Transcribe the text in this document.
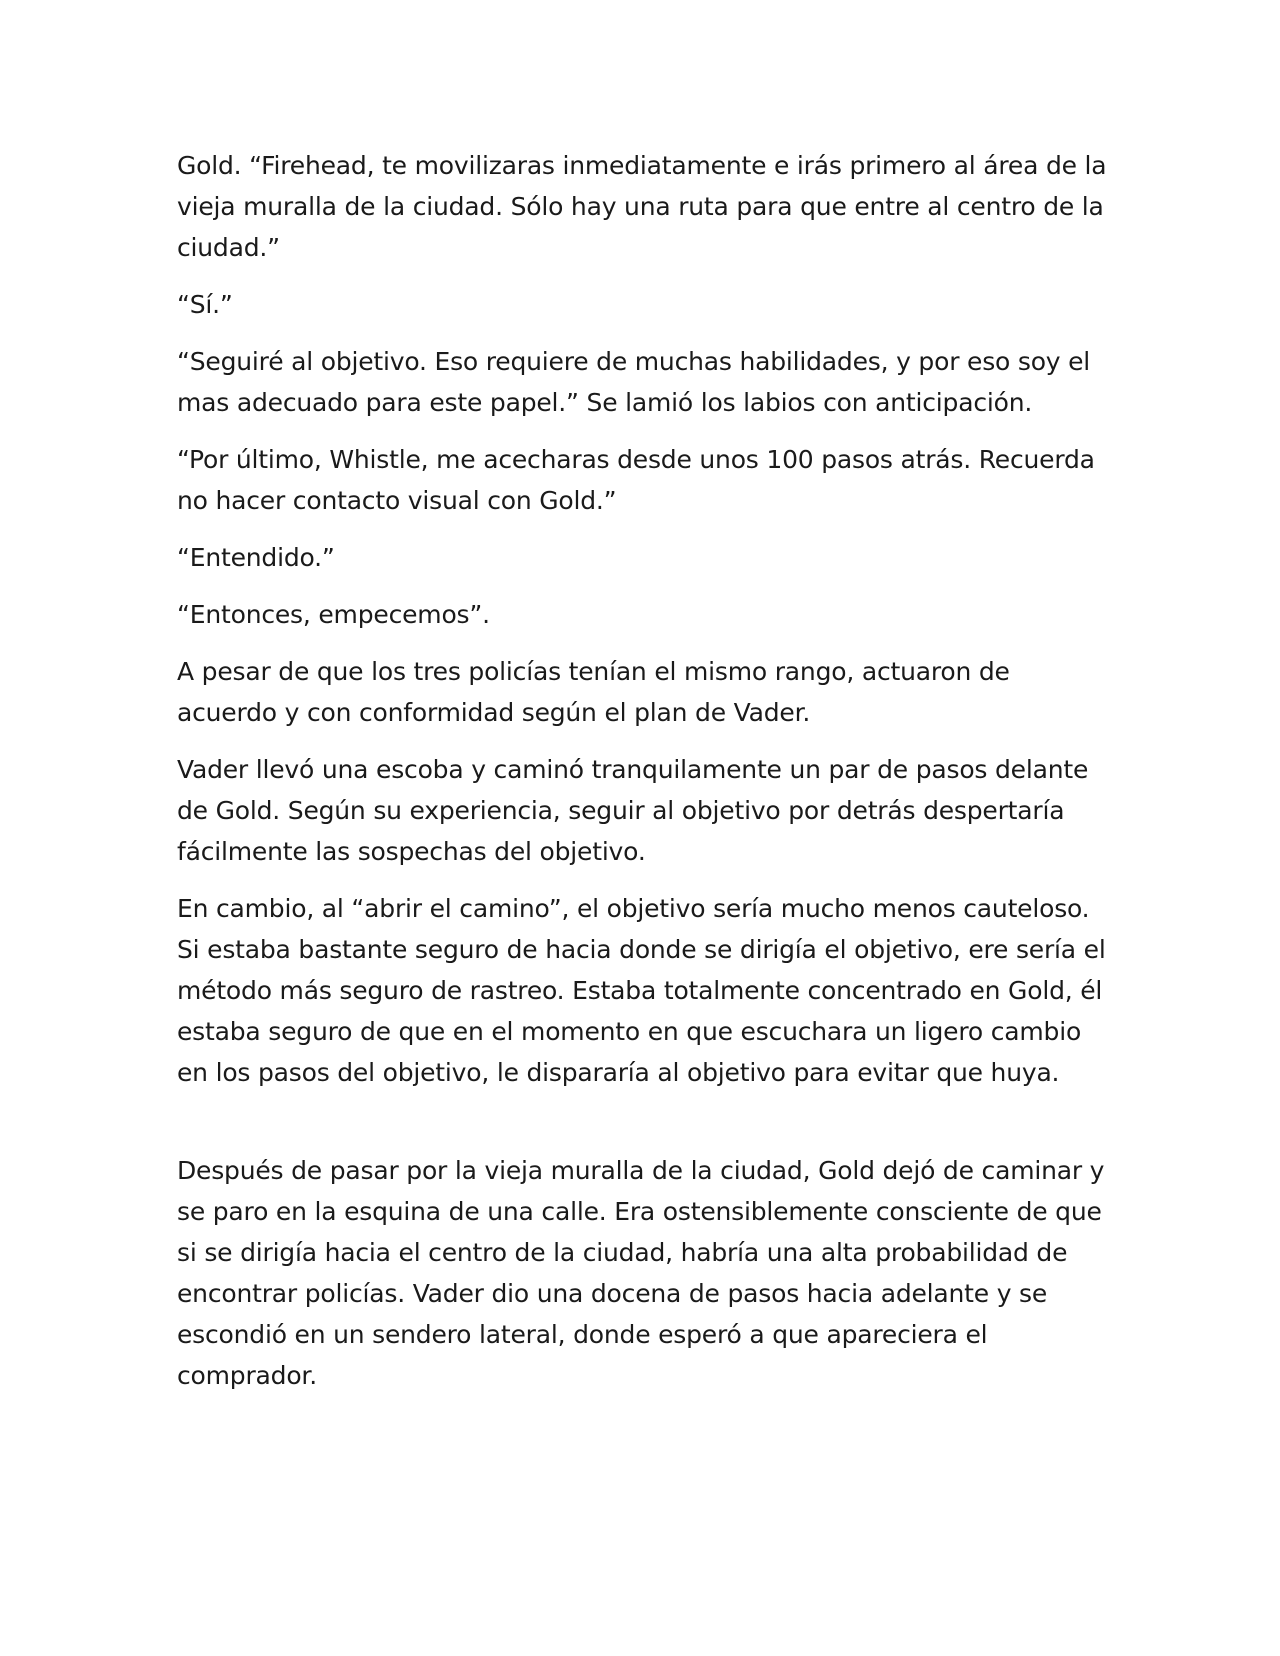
Gold. “Firehead, te movilizaras inmediatamente e irás primero al área de la vieja muralla de la ciudad. Sólo hay una ruta para que entre al centro de la ciudad.”

“Sí.”

“Seguiré al objetivo. Eso requiere de muchas habilidades, y por eso soy el mas adecuado para este papel.” Se lamió los labios con anticipación.

“Por último, Whistle, me acecharas desde unos 100 pasos atrás. Recuerda no hacer contacto visual con Gold.”

“Entendido.”

“Entonces, empecemos”.

A pesar de que los tres policías tenían el mismo rango, actuaron de acuerdo y con conformidad según el plan de Vader.

Vader llevó una escoba y caminó tranquilamente un par de pasos delante de Gold. Según su experiencia, seguir al objetivo por detrás despertaría fácilmente las sospechas del objetivo.

En cambio, al “abrir el camino”, el objetivo sería mucho menos cauteloso. Si estaba bastante seguro de hacia donde se dirigía el objetivo, ere sería el método más seguro de rastreo. Estaba totalmente concentrado en Gold, él estaba seguro de que en el momento en que escuchara un ligero cambio en los pasos del objetivo, le dispararía al objetivo para evitar que huya.

Después de pasar por la vieja muralla de la ciudad, Gold dejó de caminar y se paro en la esquina de una calle. Era ostensiblemente consciente de que si se dirigía hacia el centro de la ciudad, habría una alta probabilidad de encontrar policías. Vader dio una docena de pasos hacia adelante y se escondió en un sendero lateral, donde esperó a que apareciera el comprador.
